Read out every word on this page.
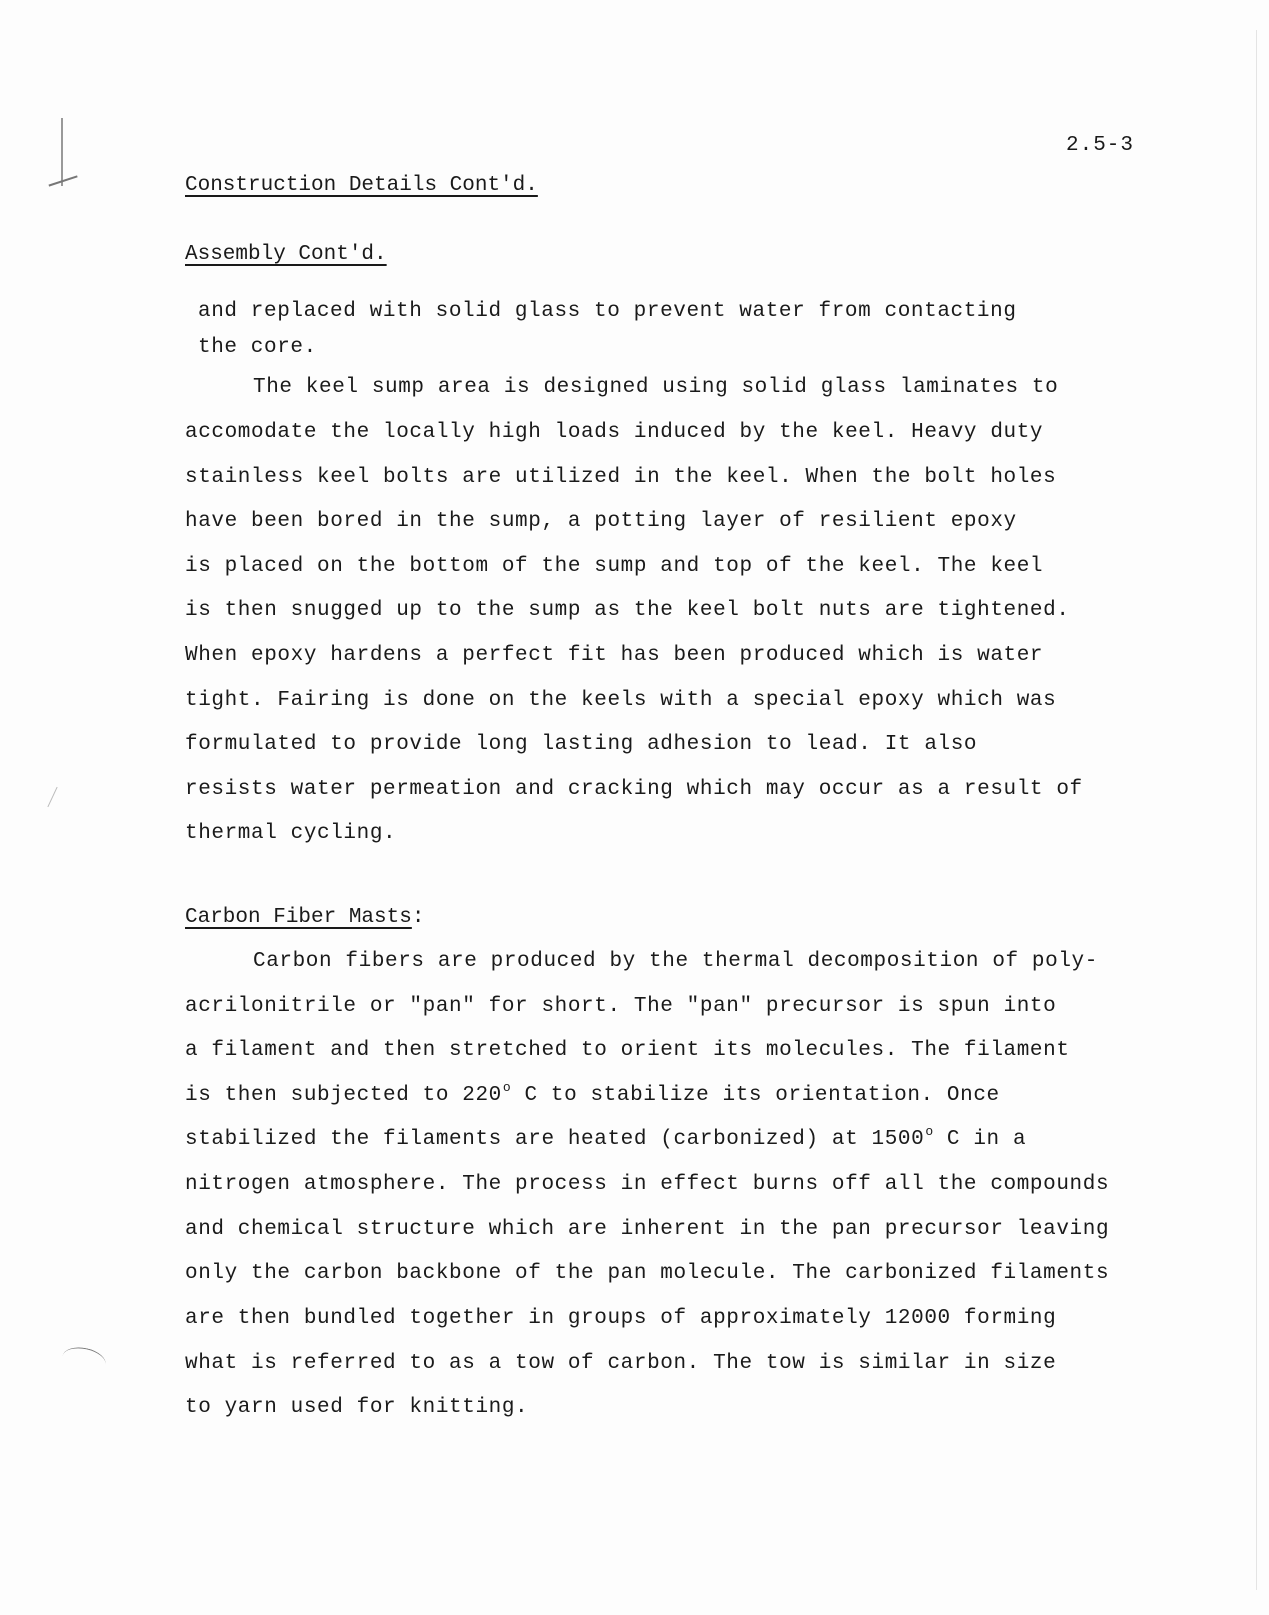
2.5-3
Construction Details Cont'd.
Assembly Cont'd.
and replaced with solid glass to prevent water from contacting
the core.
The keel sump area is designed using solid glass laminates to
accomodate the locally high loads induced by the keel. Heavy duty
stainless keel bolts are utilized in the keel. When the bolt holes
have been bored in the sump, a potting layer of resilient epoxy
is placed on the bottom of the sump and top of the keel. The keel
is then snugged up to the sump as the keel bolt nuts are tightened.
When epoxy hardens a perfect fit has been produced which is water
tight. Fairing is done on the keels with a special epoxy which was
formulated to provide long lasting adhesion to lead. It also
resists water permeation and cracking which may occur as a result of
thermal cycling.
Carbon Fiber Masts:
Carbon fibers are produced by the thermal decomposition of poly-
acrilonitrile or "pan" for short. The "pan" precursor is spun into
a filament and then stretched to orient its molecules. The filament
is then subjected to 220$^o$ C to stabilize its orientation. Once
stabilized the filaments are heated (carbonized) at 1500$^o$ C in a
nitrogen atmosphere. The process in effect burns off all the compounds
and chemical structure which are inherent in the pan precursor leaving
only the carbon backbone of the pan molecule. The carbonized filaments
are then bundled together in groups of approximately 12000 forming
what is referred to as a tow of carbon. The tow is similar in size
to yarn used for knitting.
